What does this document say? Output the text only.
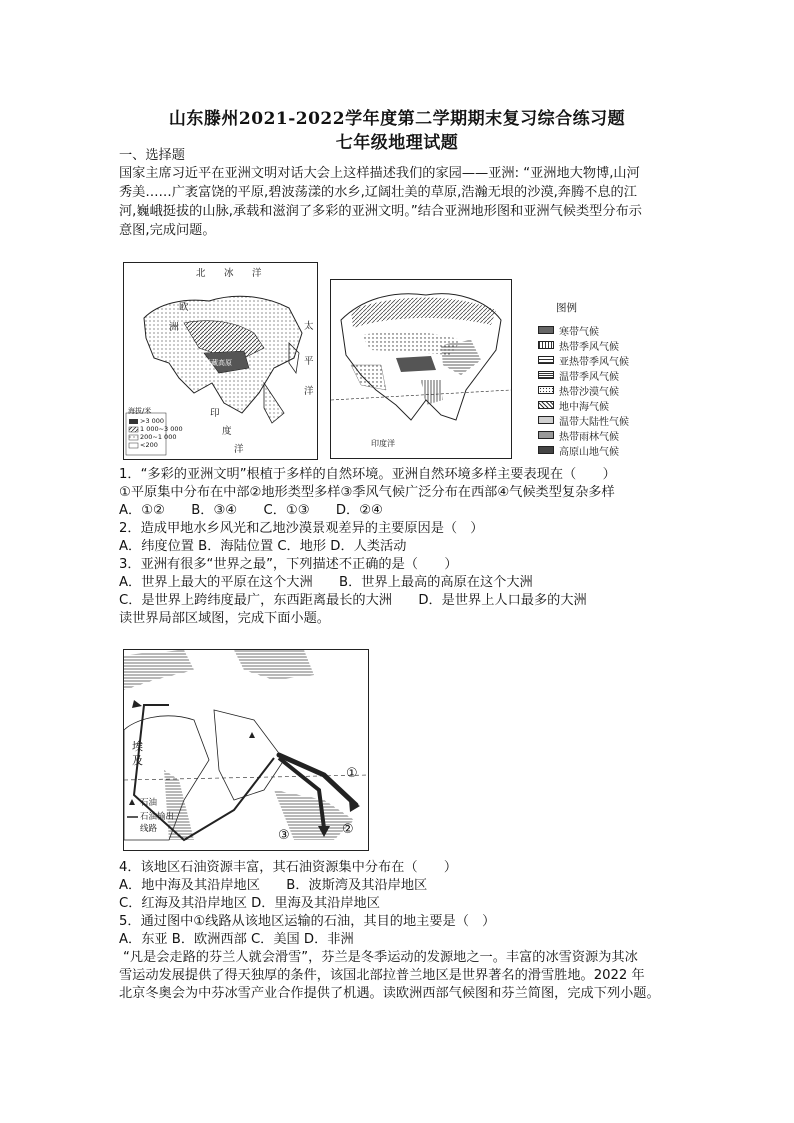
山东滕州2021-2022学年度第二学期期末复习综合练习题
七年级地理试题
一、选择题
国家主席习近平在亚洲文明对话大会上这样描述我们的家园——亚洲: “亚洲地大物博,山河
秀美……广袤富饶的平原,碧波荡漾的水乡,辽阔壮美的草原,浩瀚无垠的沙漠,奔腾不息的江
河,巍峨挺拔的山脉,承载和滋润了多彩的亚洲文明。”结合亚洲地形图和亚洲气候类型分布示
意图,完成问题。
北 冰 洋
欧
洲	太
平
洋
印
度
洋
青藏高原
海拔/米
>3 000
1 000~3 000
200~1 000
<200	印度洋
图例
寒带气候
热带季风气候
亚热带季风气候
温带季风气候
热带沙漠气候
地中海气候
温带大陆性气候
热带雨林气候
高原山地气候
1．“多彩的亚洲文明”根植于多样的自然环境。亚洲自然环境多样主要表现在（　　）
①平原集中分布在中部②地形类型多样③季风气候广泛分布在西部④气候类型复杂多样
A．①②　　B．③④　　C．①③　　D．②④
2．造成甲地水乡风光和乙地沙漠景观差异的主要原因是（　）
A．纬度位置 B．海陆位置 C．地形 D．人类活动
3．亚洲有很多“世界之最”，下列描述不正确的是（　　）
A．世界上最大的平原在这个大洲　　B．世界上最高的高原在这个大洲
C．是世界上跨纬度最广，东西距离最长的大洲　　D．是世界上人口最多的大洲
读世界局部区域图，完成下面小题。
埃
及
①
②
③
石油
石油输出
线路
4．该地区石油资源丰富，其石油资源集中分布在（　　）
A．地中海及其沿岸地区　　B．波斯湾及其沿岸地区
C．红海及其沿岸地区 D．里海及其沿岸地区
5．通过图中①线路从该地区运输的石油，其目的地主要是（　）
A．东亚 B．欧洲西部 C．美国 D．非洲
“凡是会走路的芬兰人就会滑雪”，芬兰是冬季运动的发源地之一。丰富的冰雪资源为其冰
雪运动发展提供了得天独厚的条件，该国北部拉普兰地区是世界著名的滑雪胜地。2022 年
北京冬奥会为中芬冰雪产业合作提供了机遇。读欧洲西部气候图和芬兰简图，完成下列小题。
